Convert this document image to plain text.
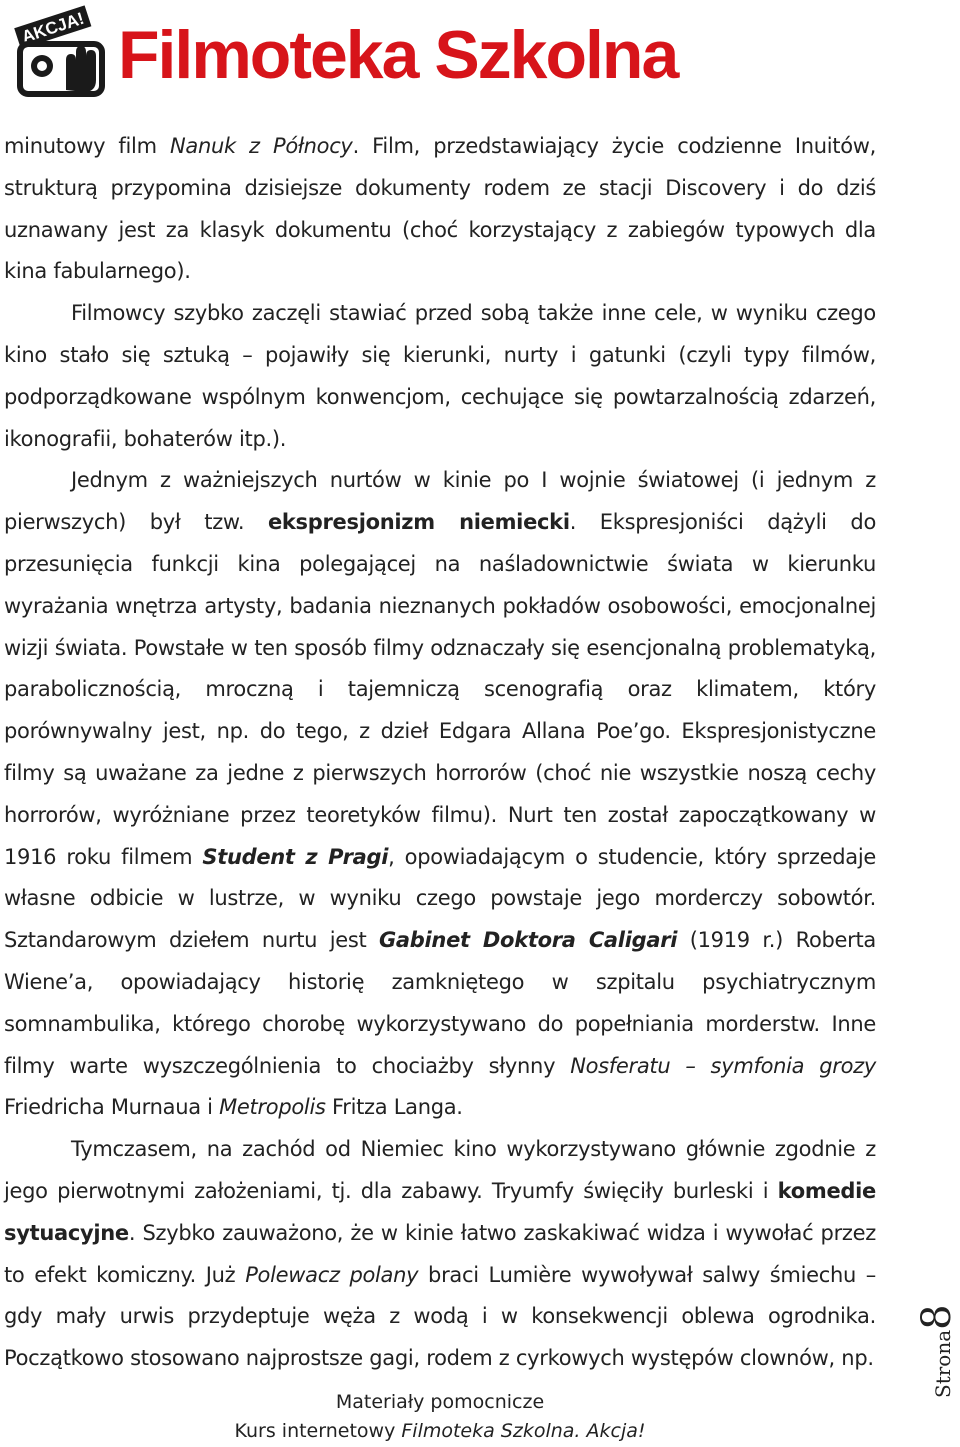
AKCJA! Filmoteka Szkolna

minutowy film Nanuk z Północy. Film, przedstawiający życie codzienne Inuitów, strukturą przypomina dzisiejsze dokumenty rodem ze stacji Discovery i do dziś uznawany jest za klasyk dokumentu (choć korzystający z zabiegów typowych dla kina fabularnego).

Filmowcy szybko zaczęli stawiać przed sobą także inne cele, w wyniku czego kino stało się sztuką – pojawiły się kierunki, nurty i gatunki (czyli typy filmów, podporządkowane wspólnym konwencjom, cechujące się powtarzalnością zdarzeń, ikonografii, bohaterów itp.).

Jednym z ważniejszych nurtów w kinie po I wojnie światowej (i jednym z pierwszych) był tzw. ekspresjonizm niemiecki. Ekspresjoniści dążyli do przesunięcia funkcji kina polegającej na naśladownictwie świata w kierunku wyrażania wnętrza artysty, badania nieznanych pokładów osobowości, emocjonalnej wizji świata. Powstałe w ten sposób filmy odznaczały się esencjonalną problematyką, parabolicznością, mroczną i tajemniczą scenografią oraz klimatem, który porównywalny jest, np. do tego, z dzieł Edgara Allana Poe’go. Ekspresjonistyczne filmy są uważane za jedne z pierwszych horrorów (choć nie wszystkie noszą cechy horrorów, wyróżniane przez teoretyków filmu). Nurt ten został zapoczątkowany w 1916 roku filmem Student z Pragi, opowiadającym o studencie, który sprzedaje własne odbicie w lustrze, w wyniku czego powstaje jego morderczy sobowtór. Sztandarowym dziełem nurtu jest Gabinet Doktora Caligari (1919 r.) Roberta Wiene’a, opowiadający historię zamkniętego w szpitalu psychiatrycznym somnambulika, którego chorobę wykorzystywano do popełniania morderstw. Inne filmy warte wyszczególnienia to chociażby słynny Nosferatu – symfonia grozy Friedricha Murnaua i Metropolis Fritza Langa.

Tymczasem, na zachód od Niemiec kino wykorzystywano głównie zgodnie z jego pierwotnymi założeniami, tj. dla zabawy. Tryumfy święciły burleski i komedie sytuacyjne. Szybko zauważono, że w kinie łatwo zaskakiwać widza i wywołać przez to efekt komiczny. Już Polewacz polany braci Lumière wywoływał salwy śmiechu – gdy mały urwis przydeptuje węża z wodą i w konsekwencji oblewa ogrodnika. Początkowo stosowano najprostsze gagi, rodem z cyrkowych występów clownów, np.	Strona8
Materiały pomocnicze
Kurs internetowy Filmoteka Szkolna. Akcja!
